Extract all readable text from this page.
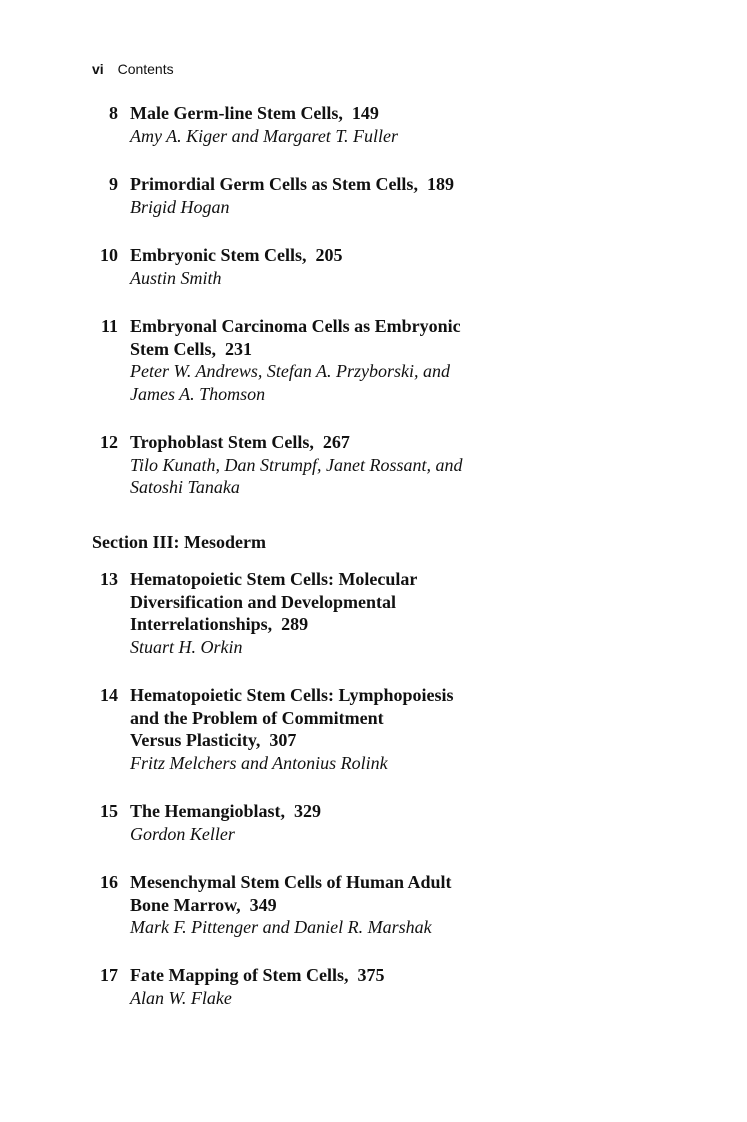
vi Contents
8 Male Germ-line Stem Cells,  149
Amy A. Kiger and Margaret T. Fuller
9 Primordial Germ Cells as Stem Cells,  189
Brigid Hogan
10 Embryonic Stem Cells,  205
Austin Smith
11 Embryonal Carcinoma Cells as Embryonic
Stem Cells,  231
Peter W. Andrews, Stefan A. Przyborski, and
James A. Thomson
12 Trophoblast Stem Cells,  267
Tilo Kunath, Dan Strumpf, Janet Rossant, and
Satoshi Tanaka
Section III: Mesoderm
13 Hematopoietic Stem Cells: Molecular
Diversification and Developmental
Interrelationships,  289
Stuart H. Orkin
14 Hematopoietic Stem Cells: Lymphopoiesis
and the Problem of Commitment
Versus Plasticity,  307
Fritz Melchers and Antonius Rolink
15 The Hemangioblast,  329
Gordon Keller
16 Mesenchymal Stem Cells of Human Adult
Bone Marrow,  349
Mark F. Pittenger and Daniel R. Marshak
17 Fate Mapping of Stem Cells,  375
Alan W. Flake
